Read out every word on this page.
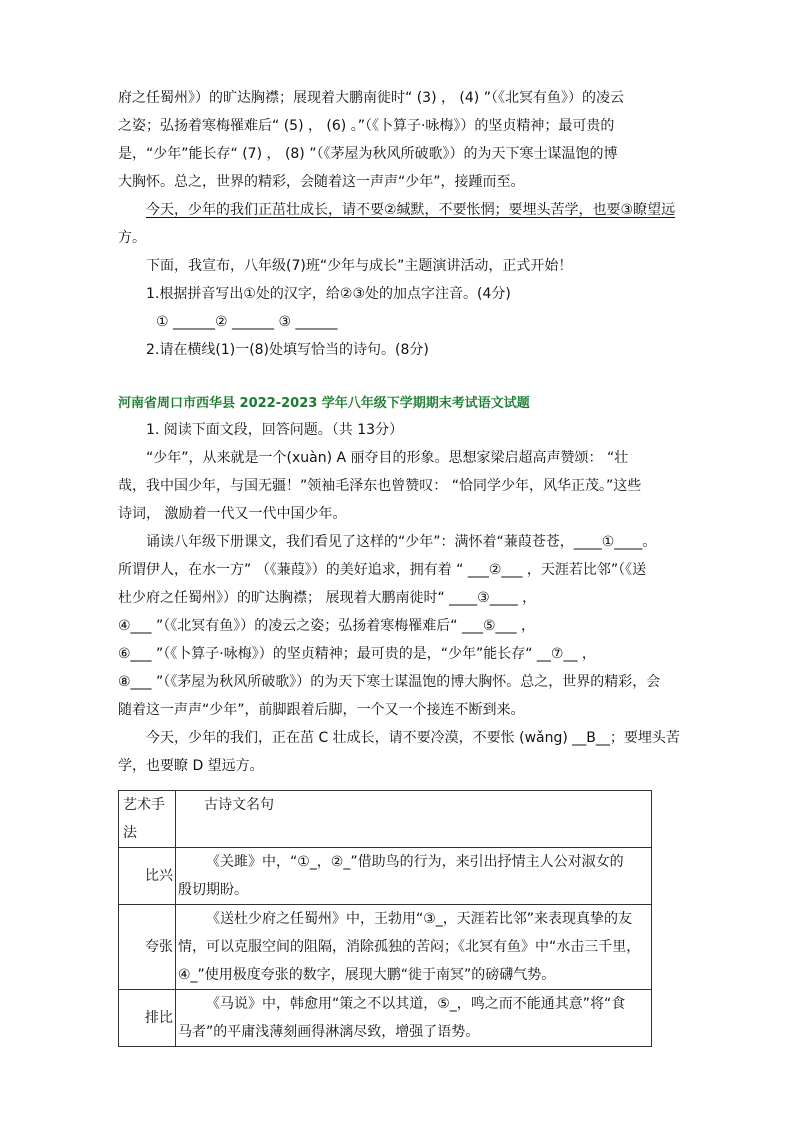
府之任蜀州》）的旷达胸襟；展现着大鹏南徙时“ (3) ， (4) ”（《北冥有鱼》）的凌云
之姿；弘扬着寒梅罹难后“ (5) ， (6) 。”（《卜算子·咏梅》）的坚贞精神；最可贵的
是，“少年”能长存“ (7) ， (8) ”（《茅屋为秋风所破歌》）的为天下寒士谋温饱的博
大胸怀。总之，世界的精彩，会随着这一声声“少年”，接踵而至。
今天，少年的我们正茁壮成长，请不要②缄默，不要怅惘；要埋头苦学，也要③瞭望远
方。
下面，我宣布，八年级(7)班“少年与成长”主题演讲活动，正式开始！
1.根据拼音写出①处的汉字，给②③处的加点字注音。(4分)
① ______② ______ ③ ______
2.请在横线(1)一(8)处填写恰当的诗句。(8分)
河南省周口市西华县 2022-2023 学年八年级下学期期末考试语文试题
1. 阅读下面文段，回答问题。（共 13分）
“少年”，从来就是一个(xuàn) A 丽夺目的形象。思想家梁启超高声赞颂： “壮
哉，我中国少年，与国无疆！”领袖毛泽东也曾赞叹： “恰同学少年，风华正茂。”这些
诗词， 激励着一代又一代中国少年。
诵读八年级下册课文，我们看见了这样的“少年”：满怀着“蒹葭苍苍，____①____。
所谓伊人，在水一方” （《蒹葭》）的美好追求，拥有着 “ ___②___ ，天涯若比邻”（《送
杜少府之任蜀州》）的旷达胸襟； 展现着大鹏南徙时“ ____③____ ，
④___ ”（《北冥有鱼》）的凌云之姿；弘扬着寒梅罹难后“ ___⑤___ ，
⑥___ ”（《卜算子·咏梅》）的坚贞精神；最可贵的是，“少年”能长存“ __⑦__ ，
⑧___ ”（《茅屋为秋风所破歌》）的为天下寒士谋温饱的博大胸怀。总之，世界的精彩，会
随着这一声声“少年”，前脚跟着后脚，一个又一个接连不断到来。
今天，少年的我们，正在茁 C 壮成长，请不要冷漠，不要怅 (wǎng) __B__；要埋头苦
学，也要瞭 D 望远方。
艺术手法	古诗文名句
比兴	《关雎》中，“①_，②_”借助鸟的行为，来引出抒情主人公对淑女的
殷切期盼。

夸张	《送杜少府之任蜀州》中，王勃用“③_，天涯若比邻”来表现真挚的友
情，可以克服空间的阻隔，消除孤独的苦闷；《北冥有鱼》中“水击三千里，
④_”使用极度夸张的数字，展现大鹏“徙于南冥”的磅礴气势。

排比	《马说》中，韩愈用“策之不以其道，⑤_，鸣之而不能通其意”将“食
马者”的平庸浅薄刻画得淋漓尽致，增强了语势。
